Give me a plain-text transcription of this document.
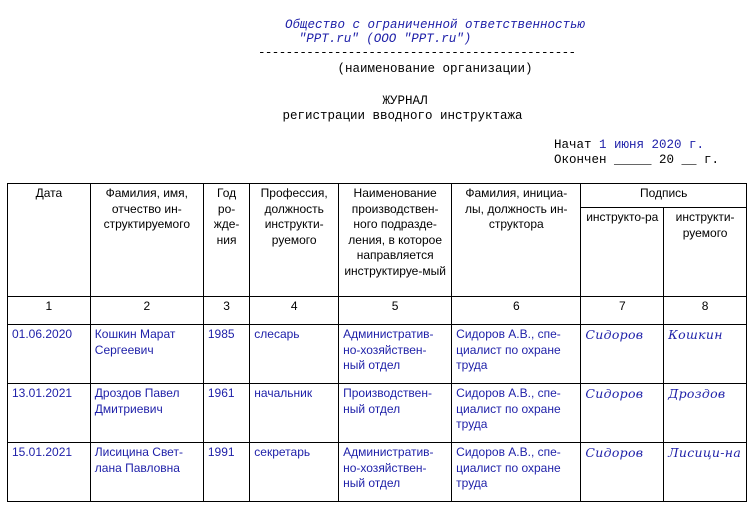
Общество с ограниченной ответственностью
"РРТ.ru" (ООО "РРТ.ru")
----------------------------------------------
(наименование организации)
ЖУРНАЛ
регистрации вводного инструктажа
Начат 1 июня 2020 г.
Окончен _____ 20 __ г.
Дата	Фамилия, имя, отчество ин-структируемого	Год ро-жде-ния	Профессия, должность инструкти-руемого	Наименование производствен-ного подразде-ления, в которое направляется инструктируе-мый	Фамилия, инициа-лы, должность ин-структора	Подпись	
						инструкто-ра	инструкти-руемого
1	2	3	4	5	6	7	8
01.06.2020	Кошкин Марат Сергеевич	1985	слесарь	Административ-но-хозяйствен-ный отдел	Сидоров А.В., спе-циалист по охране труда	Сидоров	Кошкин
13.01.2021	Дроздов Павел Дмитриевич	1961	начальник	Производствен-ный отдел	Сидоров А.В., спе-циалист по охране труда	Сидоров	Дроздов
15.01.2021	Лисицина Свет-лана Павловна	1991	секретарь	Административ-но-хозяйствен-ный отдел	Сидоров А.В., спе-циалист по охране труда	Сидоров	Лисици-на
